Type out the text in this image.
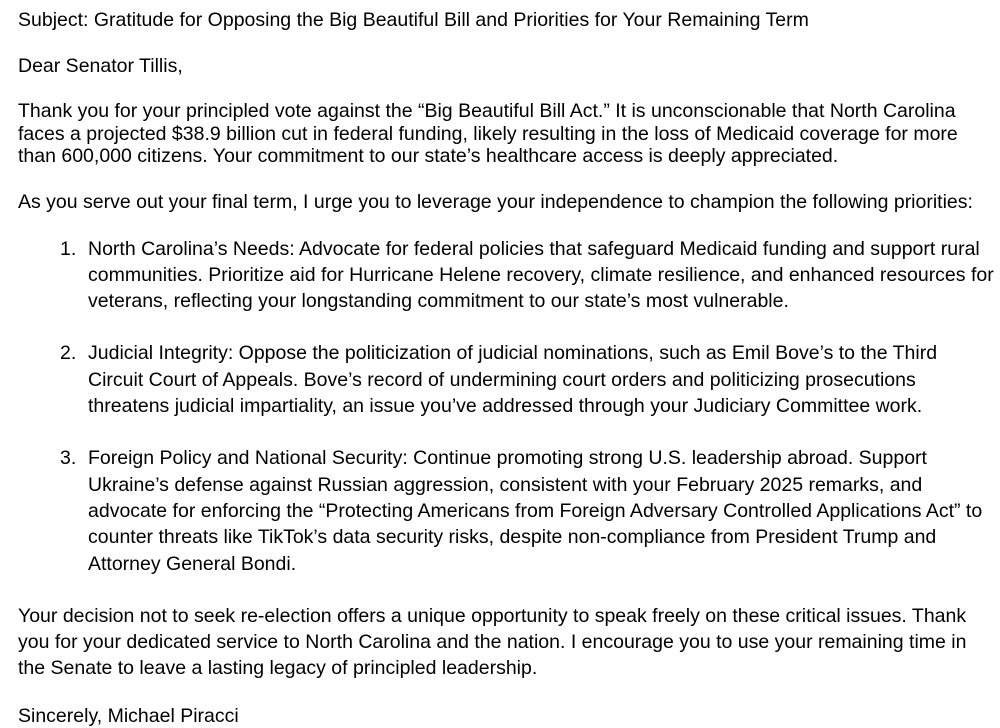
Subject: Gratitude for Opposing the Big Beautiful Bill and Priorities for Your Remaining Term

Dear Senator Tillis,

Thank you for your principled vote against the “Big Beautiful Bill Act.” It is unconscionable that North Carolina faces a projected $38.9 billion cut in federal funding, likely resulting in the loss of Medicaid coverage for more than 600,000 citizens. Your commitment to our state’s healthcare access is deeply appreciated.

As you serve out your final term, I urge you to leverage your independence to champion the following priorities:

1. North Carolina’s Needs: Advocate for federal policies that safeguard Medicaid funding and support rural communities. Prioritize aid for Hurricane Helene recovery, climate resilience, and enhanced resources for veterans, reflecting your longstanding commitment to our state’s most vulnerable.
2. Judicial Integrity: Oppose the politicization of judicial nominations, such as Emil Bove’s to the Third Circuit Court of Appeals. Bove’s record of undermining court orders and politicizing prosecutions threatens judicial impartiality, an issue you’ve addressed through your Judiciary Committee work.
3. Foreign Policy and National Security: Continue promoting strong U.S. leadership abroad. Support Ukraine’s defense against Russian aggression, consistent with your February 2025 remarks, and advocate for enforcing the “Protecting Americans from Foreign Adversary Controlled Applications Act” to counter threats like TikTok’s data security risks, despite non-compliance from President Trump and Attorney General Bondi.

Your decision not to seek re-election offers a unique opportunity to speak freely on these critical issues. Thank you for your dedicated service to North Carolina and the nation. I encourage you to use your remaining time in the Senate to leave a lasting legacy of principled leadership.

Sincerely, Michael Piracci
